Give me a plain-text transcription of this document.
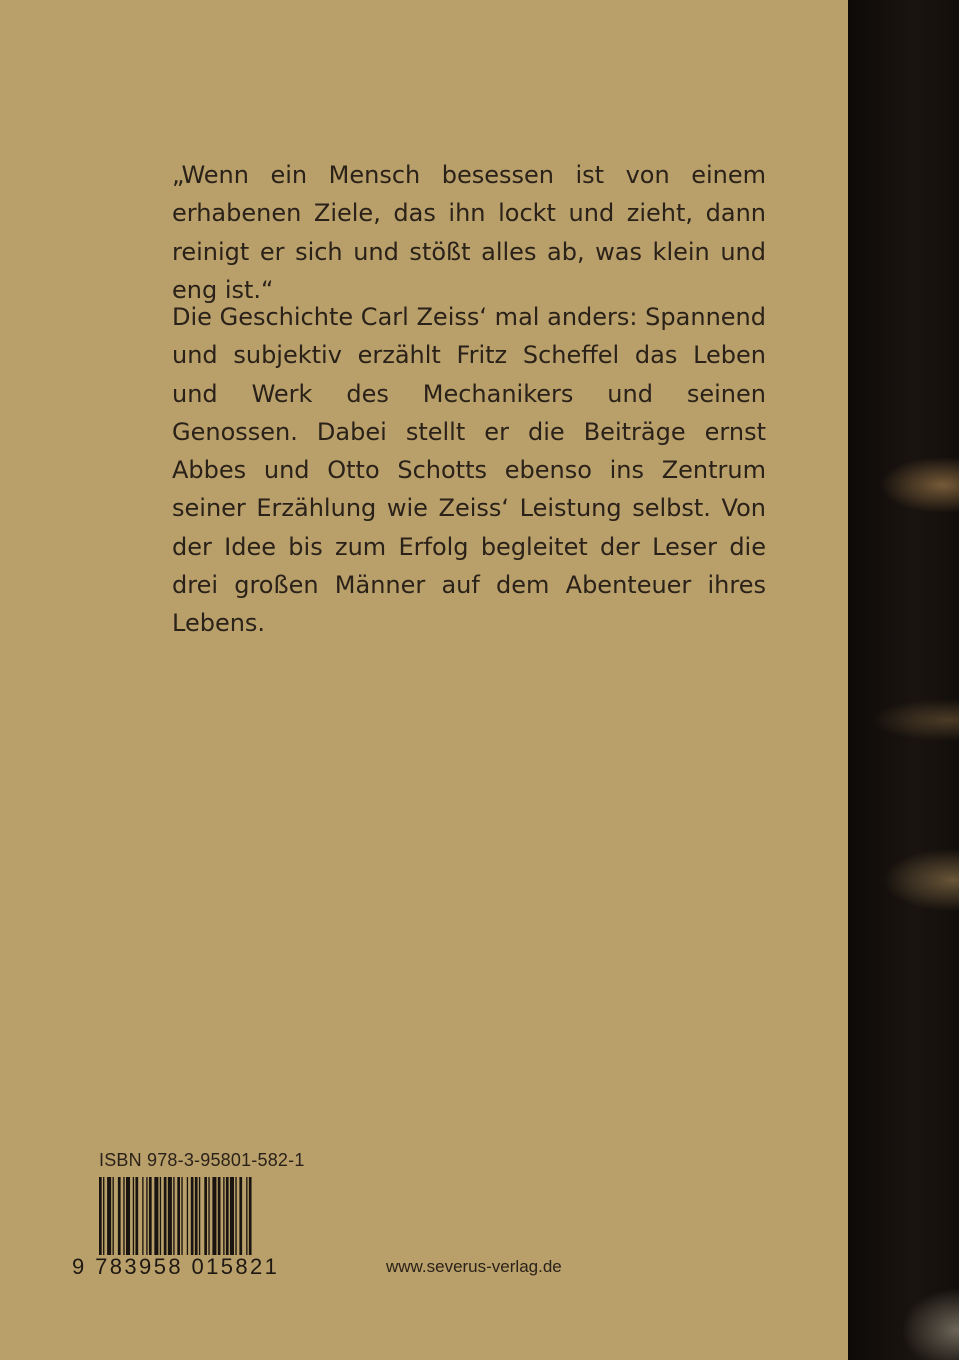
„Wenn ein Mensch besessen ist von einem erhabenen Ziele, das ihn lockt und zieht, dann reinigt er sich und stößt alles ab, was klein und eng ist.“

Die Geschichte Carl Zeiss‘ mal anders: Spannend und subjektiv erzählt Fritz Scheffel das Leben und Werk des Mechanikers und seinen Genossen. Dabei stellt er die Beiträge ernst Abbes und Otto Schotts ebenso ins Zentrum seiner Erzählung wie Zeiss‘ Leistung selbst. Von der Idee bis zum Erfolg begleitet der Leser die drei großen Männer auf dem Abenteuer ihres Lebens.

ISBN 978-3-95801-582-1
9 783958 015821	www.severus-verlag.de
